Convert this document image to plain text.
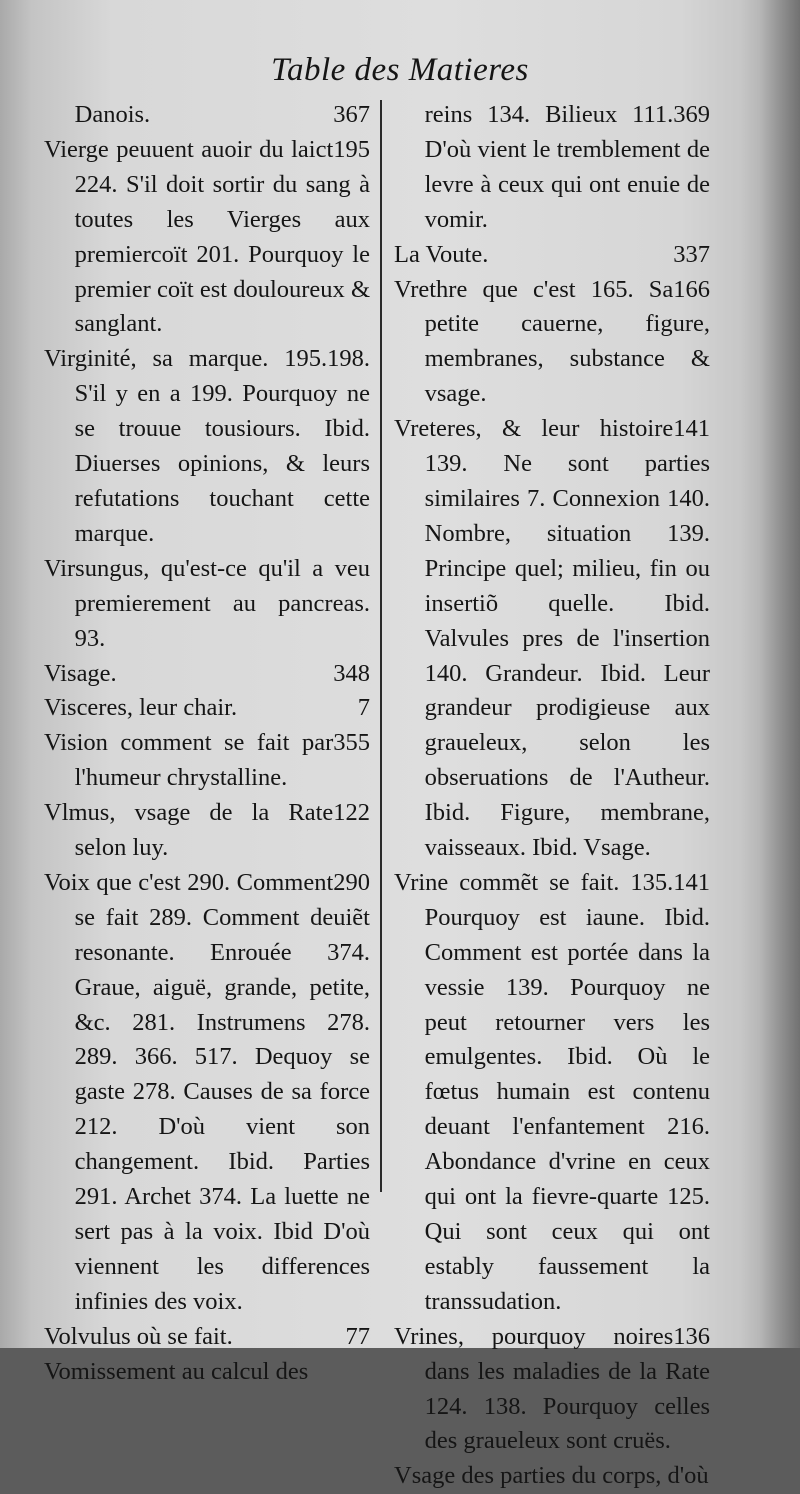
Table des Matieres
367
Danois.
195
Vierge peuuent auoir du laict 224. S'il doit sortir du sang à toutes les Vierges aux premiercoït 201. Pourquoy le premier coït est douloureux & sanglant.
198.
Virginité, sa marque. 195. S'il y en a 199. Pourquoy ne se trouue tousiours. Ibid. Diuerses opinions, & leurs refutations touchant cette marque.
Virsungus, qu'est-ce qu'il a veu premierement au pancreas. 93.
348
Visage.
7
Visceres, leur chair.
355
Vision comment se fait par l'humeur chrystalline.
122
Vlmus, vsage de la Rate selon luy.
290
Voix que c'est 290. Comment se fait 289. Comment deuiẽt resonante. Enrouée 374. Graue, aiguë, grande, petite, &c. 281. Instrumens 278. 289. 366. 517. Dequoy se gaste 278. Causes de sa force 212. D'où vient son changement. Ibid. Parties 291. Archet 374. La luette ne sert pas à la voix. Ibid D'où viennent les differences infinies des voix.
77
Volvulus où se fait.
Vomissement au calcul des
369
reins 134. Bilieux 111. D'où vient le tremblement de levre à ceux qui ont enuie de vomir.
337
La Voute.
166
Vrethre que c'est 165. Sa petite cauerne, figure, membranes, substance & vsage.
141
Vreteres, & leur histoire 139. Ne sont parties similaires 7. Connexion 140. Nombre, situation 139. Principe quel; milieu, fin ou insertiõ quelle. Ibid. Valvules pres de l'insertion 140. Grandeur. Ibid. Leur grandeur prodigieuse aux graueleux, selon les obseruations de l'Autheur. Ibid. Figure, membrane, vaisseaux. Ibid. Vsage.
141
Vrine commẽt se fait. 135. Pourquoy est iaune. Ibid. Comment est portée dans la vessie 139. Pourquoy ne peut retourner vers les emulgentes. Ibid. Où le fœtus humain est contenu deuant l'enfantement 216. Abondance d'vrine en ceux qui ont la fievre-quarte 125. Qui sont ceux qui ont estably faussement la transsudation.
136
Vrines, pourquoy noires dans les maladies de la Rate 124. 138. Pourquoy celles des graueleux sont cruës.
Vsage des parties du corps, d'où
